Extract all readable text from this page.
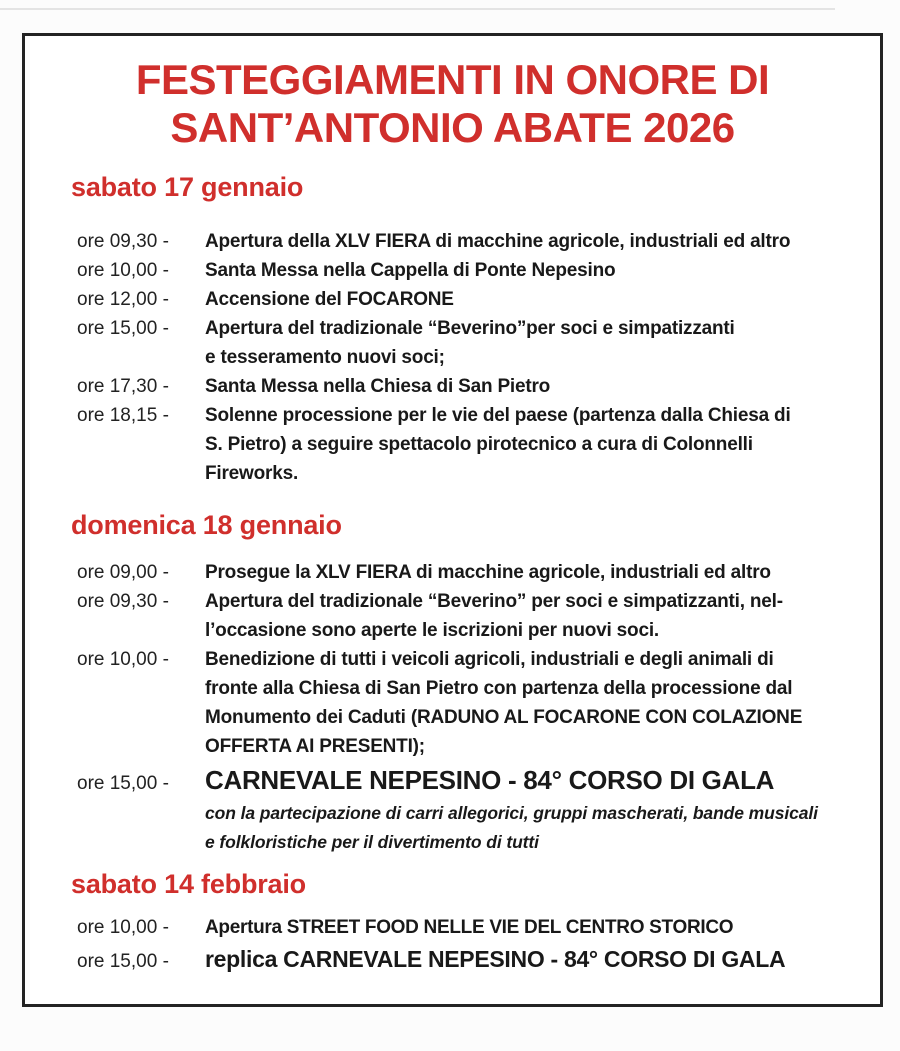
FESTEGGIAMENTI IN ONORE DI
SANT’ANTONIO ABATE 2026
sabato 17 gennaio
ore 09,30 -	Apertura della XLV FIERA di macchine agricole, industriali ed altro
ore 10,00 -	Santa Messa nella Cappella di Ponte Nepesino
ore 12,00 -	Accensione del FOCARONE
ore 15,00 -	Apertura del tradizionale “Beverino”per soci e simpatizzanti
e tesseramento nuovi soci;
ore 17,30 -	Santa Messa nella Chiesa di San Pietro
ore 18,15 -	Solenne processione per le vie del paese (partenza dalla Chiesa di
S. Pietro) a seguire spettacolo pirotecnico a cura di Colonnelli
Fireworks.
domenica 18 gennaio
ore 09,00 -	Prosegue la XLV FIERA di macchine agricole, industriali ed altro
ore 09,30 -	Apertura del tradizionale “Beverino” per soci e simpatizzanti, nel-
l’occasione sono aperte le iscrizioni per nuovi soci.
ore 10,00 -	Benedizione di tutti i veicoli agricoli, industriali e degli animali di
fronte alla Chiesa di San Pietro con partenza della processione dal
Monumento dei Caduti (RADUNO AL FOCARONE CON COLAZIONE
OFFERTA AI PRESENTI);
ore 15,00 -	CARNEVALE NEPESINO - 84° CORSO DI GALA
con la partecipazione di carri allegorici, gruppi mascherati, bande musicali
e folkloristiche per il divertimento di tutti
sabato 14 febbraio
ore 10,00 -	Apertura STREET FOOD NELLE VIE DEL CENTRO STORICO
ore 15,00 -	replica CARNEVALE NEPESINO - 84° CORSO DI GALA
